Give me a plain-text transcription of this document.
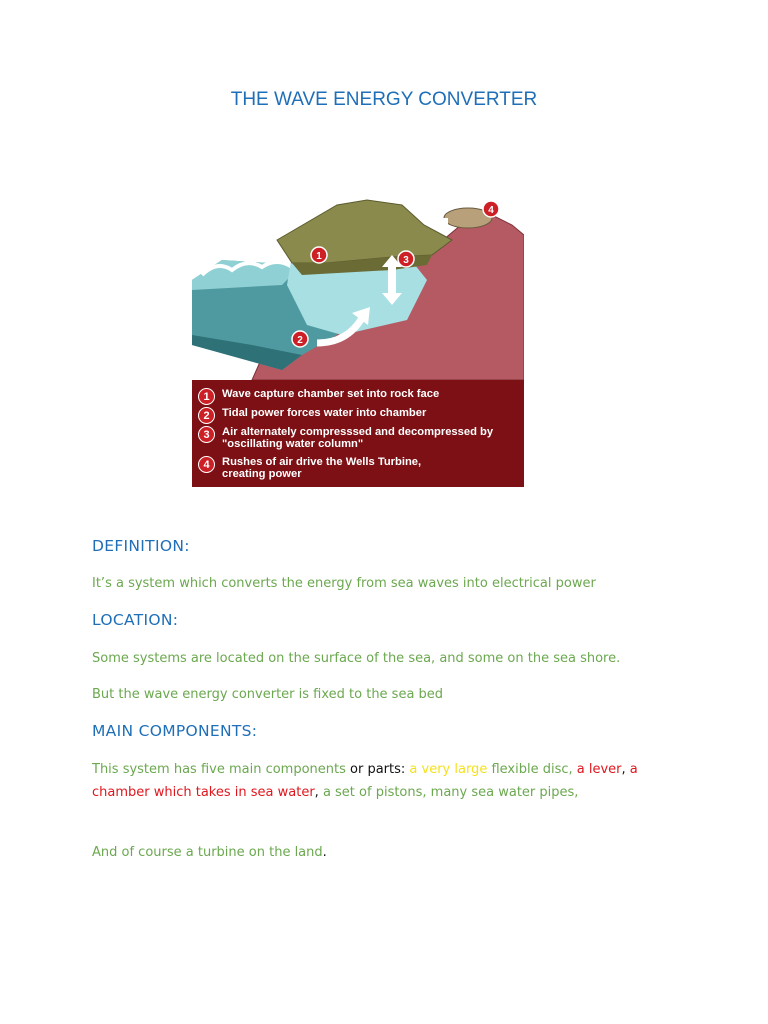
THE WAVE ENERGY CONVERTER
1
2
3
4
1	Wave capture chamber set into rock face
2	Tidal power forces water into chamber
3	Air alternately compresssed and decompressed by "oscillating water column"
4	Rushes of air drive the Wells Turbine, creating power
DEFINITION:
It’s a system which converts the energy from sea waves into electrical power
LOCATION:
Some systems are located on the surface of the sea, and some on the sea shore.
But the wave energy converter is fixed to the sea bed
MAIN COMPONENTS:
This system has five main components or parts: a very large flexible disc, a lever, a chamber which takes in sea water, a set of pistons, many sea water pipes,
And of course a turbine on the land.
